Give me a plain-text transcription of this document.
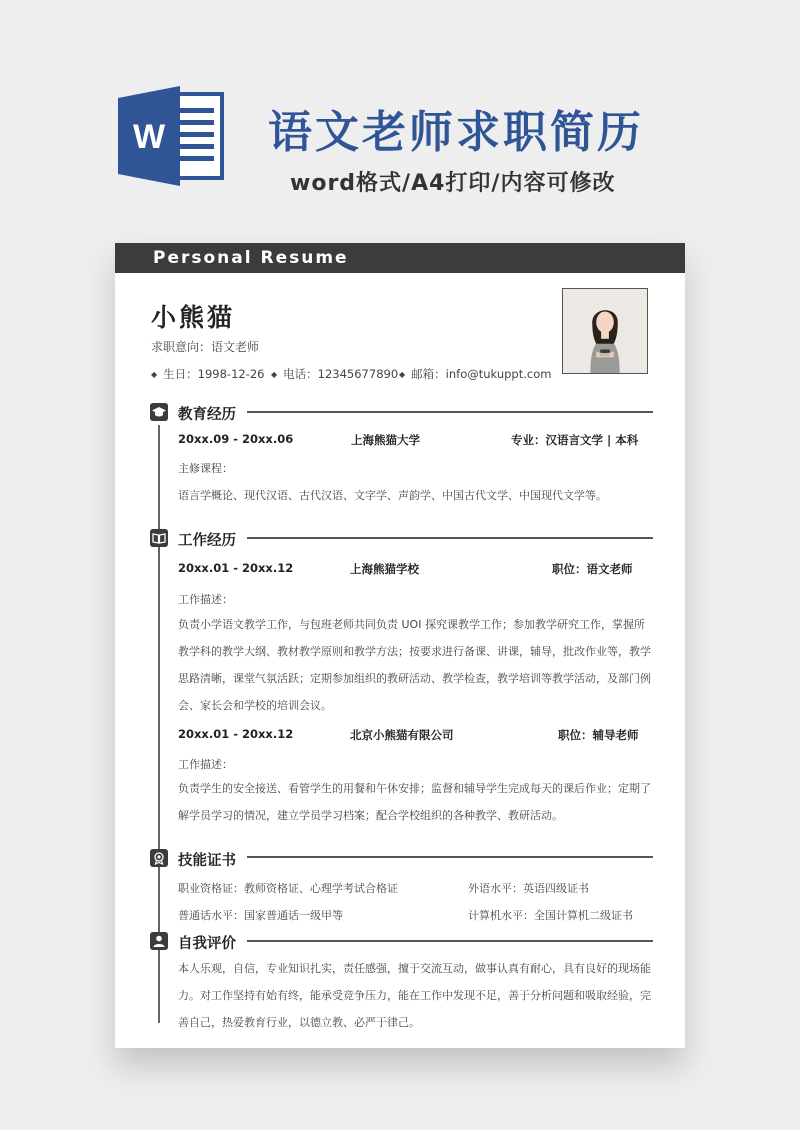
W 语文老师求职简历
word格式/A4打印/内容可修改
Personal Resume
小熊猫
求职意向：语文老师
◆ 生日：1998-12-26 ◆ 电话：12345677890 ◆ 邮箱：info@tukuppt.com
教育经历
20xx.09 - 20xx.06	上海熊猫大学	专业：汉语言文学 | 本科
主修课程：
语言学概论、现代汉语、古代汉语、文字学、声韵学、中国古代文学、中国现代文学等。
工作经历
20xx.01 - 20xx.12	上海熊猫学校	职位：语文老师
工作描述：
负责小学语文教学工作，与包班老师共同负责 UOI 探究课教学工作；参加教学研究工作，掌握所教学科的教学大纲、教材教学原则和教学方法；按要求进行备课、讲课，辅导，批改作业等，教学思路清晰，课堂气氛活跃；定期参加组织的教研活动、教学检查，教学培训等教学活动，及部门例会、家长会和学校的培训会议。
20xx.01 - 20xx.12	北京小熊猫有限公司	职位：辅导老师
工作描述：
负责学生的安全接送、看管学生的用餐和午休安排；监督和辅导学生完成每天的课后作业；定期了解学员学习的情况，建立学员学习档案；配合学校组织的各种教学、教研活动。
技能证书
职业资格证：教师资格证、心理学考试合格证	外语水平：英语四级证书
普通话水平：国家普通话一级甲等	计算机水平：全国计算机二级证书
自我评价
本人乐观，自信，专业知识扎实，责任感强，擅于交流互动，做事认真有耐心，具有良好的现场能力。对工作坚持有始有终，能承受竞争压力，能在工作中发现不足，善于分析问题和吸取经验，完善自己，热爱教育行业，以德立教、必严于律己。
